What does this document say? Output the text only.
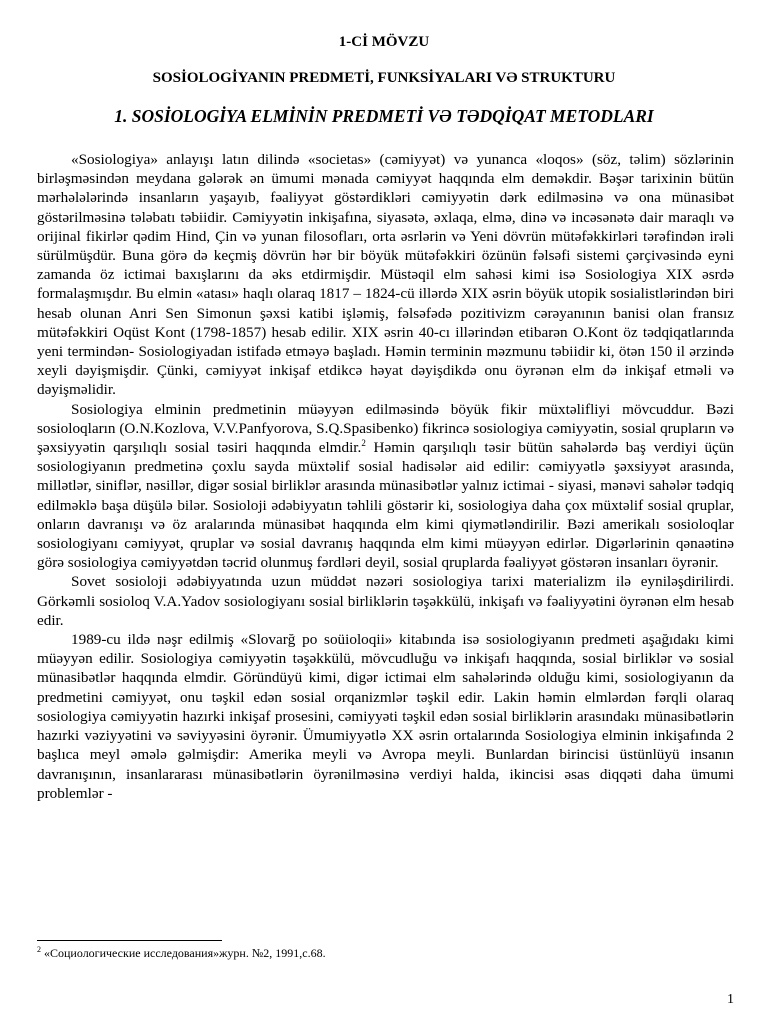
1-Cİ MÖVZU
SOSİOLOGİYANIN PREDMETİ, FUNKSİYALARI VƏ STRUKTURU
1. SOSİOLOGİYA ELMİNİN PREDMETİ VƏ TƏDQİQAT METODLARI

«Sosiologiya» anlayışı latın dilində «societas» (cəmiyyət) və yunanca «loqos» (söz, təlim) sözlərinin birləşməsindən meydana gələrək ən ümumi mənada cəmiyyət haqqında elm deməkdir. Bəşər tarixinin bütün mərhələlərində insanların yaşayıb, fəaliyyət göstərdikləri cəmiyyətin dərk edilməsinə və ona münasibət göstərilməsinə tələbatı təbiidir. Cəmiyyətin inkişafına, siyasətə, əxlaqa, elmə, dinə və incəsənətə dair maraqlı və orijinal fikirlər qədim Hind, Çin və yunan filosofları, orta əsrlərin və Yeni dövrün mütəfəkkirləri tərəfindən irəli sürülmüşdür. Buna görə də keçmiş dövrün hər bir böyük mütəfəkkiri özünün fəlsəfi sistemi çərçivəsində eyni zamanda öz ictimai baxışlarını da əks etdirmişdir. Müstəqil elm sahəsi kimi isə Sosiologiya XIX əsrdə formalaşmışdır. Bu elmin «atası» haqlı olaraq 1817 – 1824-cü illərdə XIX əsrin böyük utopik sosialistlərindən biri hesab olunan Anri Sen Simonun şəxsi katibi işləmiş, fəlsəfədə pozitivizm cərəyanının banisi olan fransız mütəfəkkiri Oqüst Kont (1798-1857) hesab edilir. XIX əsrin 40-cı illərindən etibarən O.Kont öz tədqiqatlarında yeni termindən- Sosiologiyadan istifadə etməyə başladı. Həmin terminin məzmunu təbiidir ki, ötən 150 il ərzində xeyli dəyişmişdir. Çünki, cəmiyyət inkişaf etdikcə həyat dəyişdikdə onu öyrənən elm də inkişaf etməli və dəyişməlidir.

Sosiologiya elminin predmetinin müəyyən edilməsində böyük fikir müxtəlifliyi mövcuddur. Bəzi sosioloqların (O.N.Kozlova, V.V.Panfyorova, S.Q.Spasibenko) fikrincə sosiologiya cəmiyyətin, sosial qrupların və şəxsiyyətin qarşılıqlı sosial təsiri haqqında elmdir.$^2$ Həmin qarşılıqlı təsir bütün sahələrdə baş verdiyi üçün sosiologiyanın predmetinə çoxlu sayda müxtəlif sosial hadisələr aid edilir: cəmiyyətlə şəxsiyyət arasında, millətlər, siniflər, nəsillər, digər sosial birliklər arasında münasibətlər yalnız ictimai - siyasi, mənəvi sahələr tədqiq edilməklə başa düşülə bilər. Sosioloji ədəbiyyatın təhlili göstərir ki, sosiologiya daha çox müxtəlif sosial qruplar, onların davranışı və öz aralarında münasibət haqqında elm kimi qiymətləndirilir. Bəzi amerikalı sosioloqlar sosiologiyanı cəmiyyət, qruplar və sosial davranış haqqında elm kimi müəyyən edirlər. Digərlərinin qənaətinə görə sosiologiya cəmiyyətdən təcrid olunmuş fərdləri deyil, sosial qruplarda fəaliyyət göstərən insanları öyrənir.

Sovet sosioloji ədəbiyyatında uzun müddət nəzəri sosiologiya tarixi materializm ilə eyniləşdirilirdi. Görkəmli sosioloq V.A.Yadov sosiologiyanı sosial birliklərin təşəkkülü, inkişafı və fəaliyyətini öyrənən elm hesab edir.

1989-cu ildə nəşr edilmiş «Slovarğ po soüioloqii» kitabında isə sosiologiyanın predmeti aşağıdakı kimi müəyyən edilir. Sosiologiya cəmiyyətin təşəkkülü, mövcudluğu və inkişafı haqqında, sosial birliklər və sosial münasibətlər haqqında elmdir. Göründüyü kimi, digər ictimai elm sahələrində olduğu kimi, sosiologiyanın da predmetini cəmiyyət, onu təşkil edən sosial orqanizmlər təşkil edir. Lakin həmin elmlərdən fərqli olaraq sosiologiya cəmiyyətin hazırki inkişaf prosesini, cəmiyyəti təşkil edən sosial birliklərin arasındakı münasibətlərin hazırki vəziyyətini və səviyyəsini öyrənir. Ümumiyyətlə XX əsrin ortalarında Sosiologiya elminin inkişafında 2 başlıca meyl əmələ gəlmişdir: Amerika meyli və Avropa meyli. Bunlardan birincisi üstünlüyü insanın davranışının, insanlararası münasibətlərin öyrənilməsinə verdiyi halda, ikincisi əsas diqqəti daha ümumi problemlər -

$^2$ «Социологические исследования»журн. №2, 1991,с.68.
1
